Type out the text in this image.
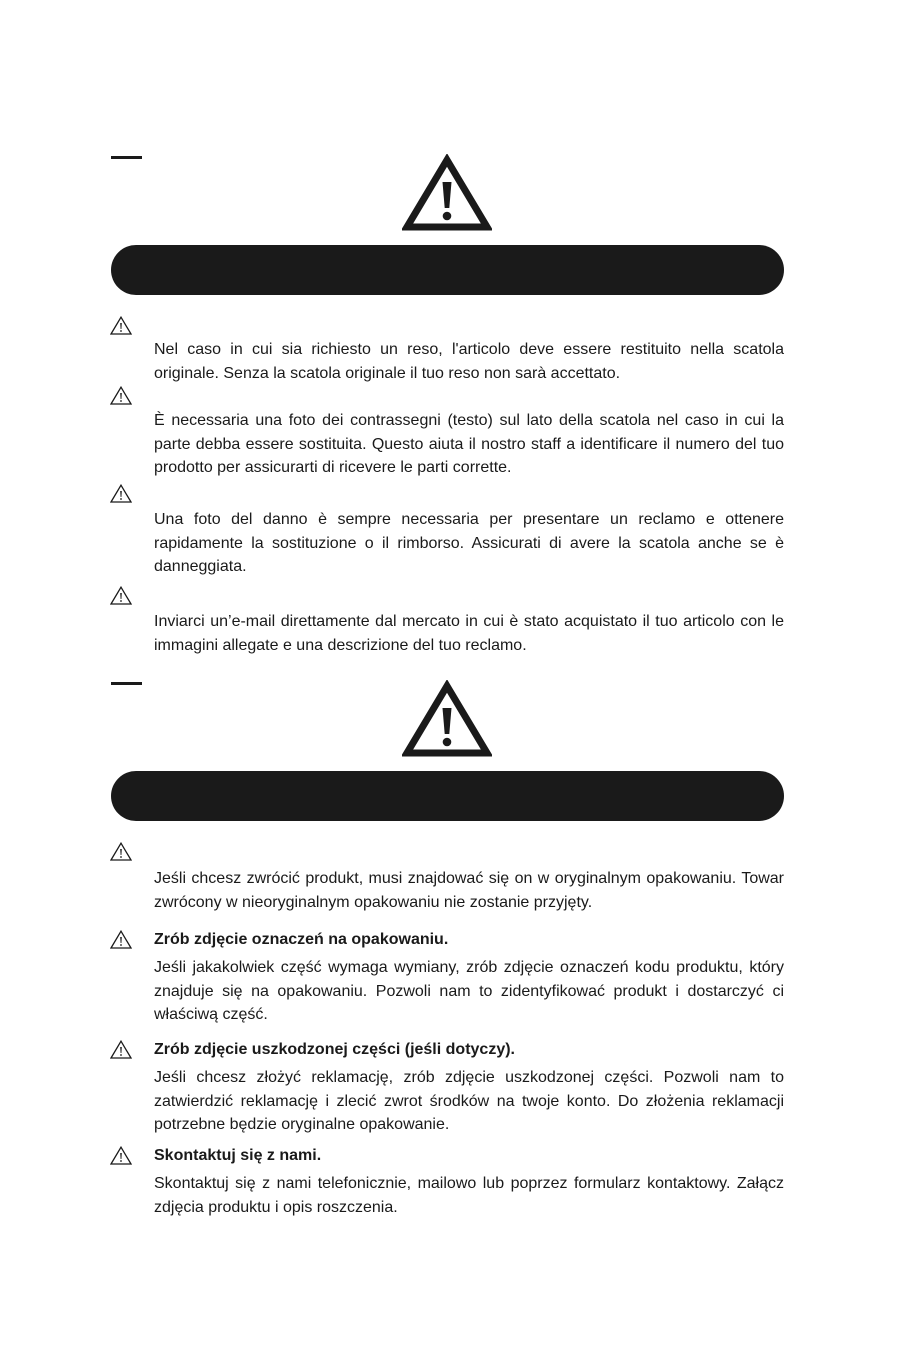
Nel caso in cui sia richiesto un reso, l'articolo deve essere restituito nella scatola originale. Senza la scatola originale il tuo reso non sarà accettato.

È necessaria una foto dei contrassegni (testo) sul lato della scatola nel caso in cui la parte debba essere sostituita. Questo aiuta il nostro staff a identificare il numero del tuo prodotto per assicurarti di ricevere le parti corrette.

Una foto del danno è sempre necessaria per presentare un reclamo e ottenere rapidamente la sostituzione o il rimborso. Assicurati di avere la scatola anche se è danneggiata.

Inviarci un’e-mail direttamente dal mercato in cui è stato acquistato il tuo articolo con le immagini allegate e una descrizione del tuo reclamo.

Jeśli chcesz zwrócić produkt, musi znajdować się on w oryginalnym opakowaniu. Towar zwrócony w nieoryginalnym opakowaniu nie zostanie przyjęty.

Zrób zdjęcie oznaczeń na opakowaniu.

Jeśli jakakolwiek część wymaga wymiany, zrób zdjęcie oznaczeń kodu produktu, który znajduje się na opakowaniu. Pozwoli nam to zidentyfikować produkt i dostarczyć ci właściwą część.

Zrób zdjęcie uszkodzonej części (jeśli dotyczy).

Jeśli chcesz złożyć reklamację, zrób zdjęcie uszkodzonej części. Pozwoli nam to zatwierdzić reklamację i zlecić zwrot środków na twoje konto. Do złożenia reklamacji potrzebne będzie oryginalne opakowanie.

Skontaktuj się z nami.

Skontaktuj się z nami telefonicznie, mailowo lub poprzez formularz kontaktowy. Załącz zdjęcia produktu i opis roszczenia.
